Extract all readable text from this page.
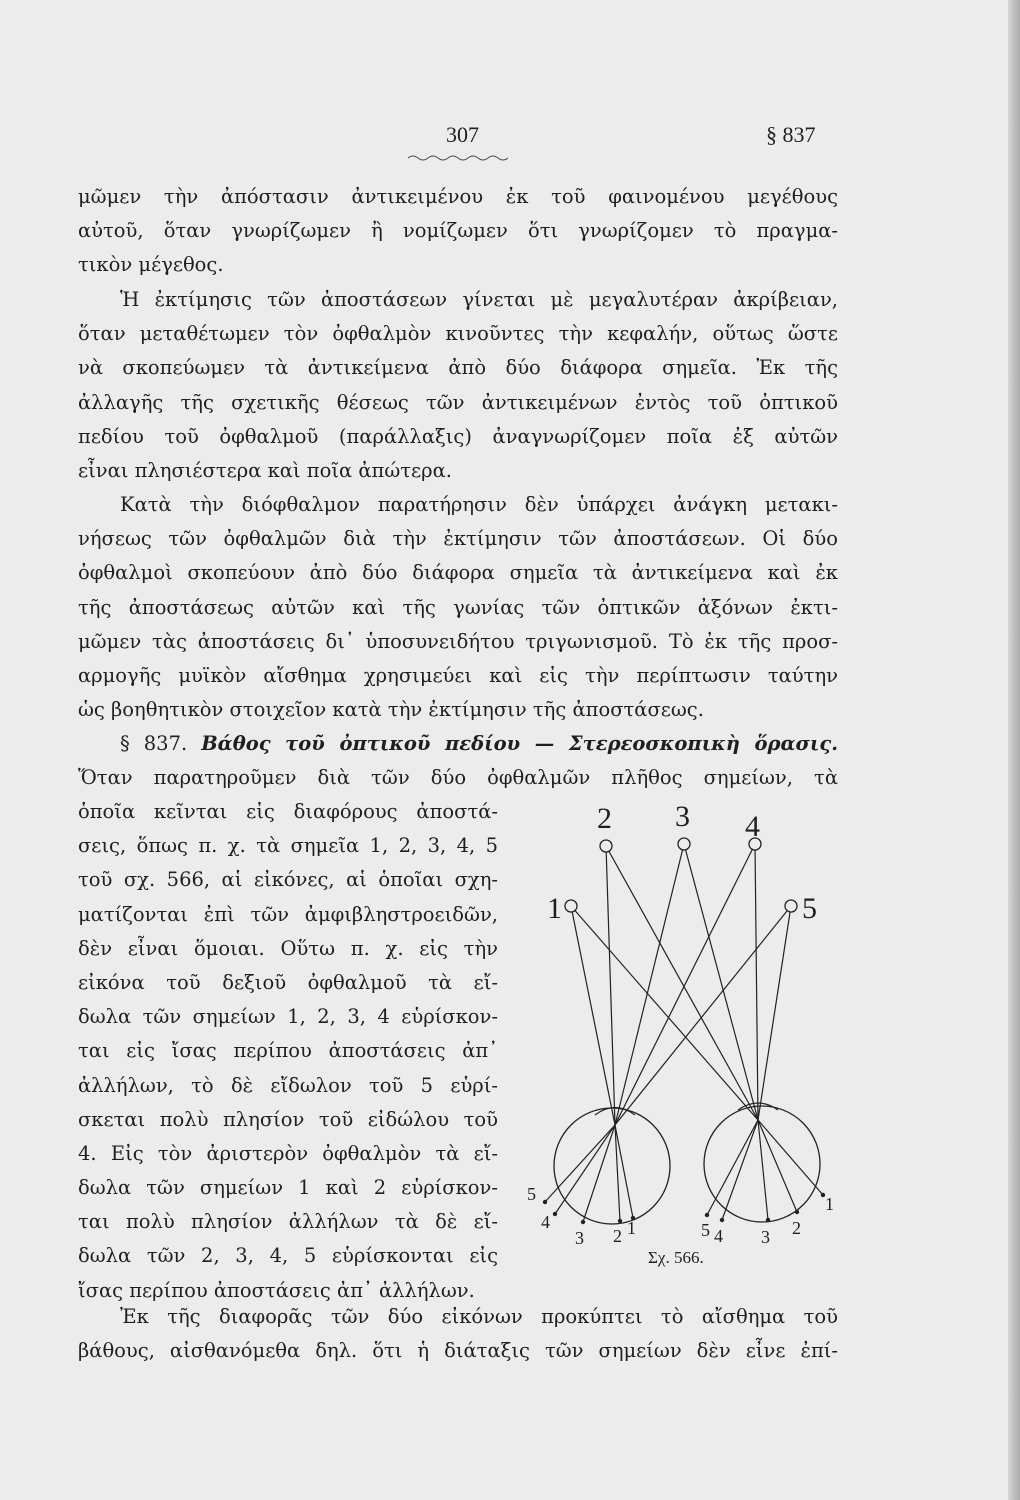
307	§ 837
μῶμεν τὴν ἀπόστασιν ἀντικειμένου ἐκ τοῦ φαινομένου μεγέθους
αὐτοῦ, ὅταν γνωρίζωμεν ἢ νομίζωμεν ὅτι γνωρίζομεν τὸ πραγμα-
τικὸν μέγεθος.
Ἡ ἐκτίμησις τῶν ἀποστάσεων γίνεται μὲ μεγαλυτέραν ἀκρίβειαν,
ὅταν μεταθέτωμεν τὸν ὀφθαλμὸν κινοῦντες τὴν κεφαλήν, οὕτως ὥστε
νὰ σκοπεύωμεν τὰ ἀντικείμενα ἀπὸ δύο διάφορα σημεῖα. Ἐκ τῆς
ἀλλαγῆς τῆς σχετικῆς θέσεως τῶν ἀντικειμένων ἐντὸς τοῦ ὀπτικοῦ
πεδίου τοῦ ὀφθαλμοῦ (παράλλαξις) ἀναγνωρίζομεν ποῖα ἐξ αὐτῶν
εἶναι πλησιέστερα καὶ ποῖα ἀπώτερα.
Κατὰ τὴν διόφθαλμον παρατήρησιν δὲν ὑπάρχει ἀνάγκη μετακι-
νήσεως τῶν ὀφθαλμῶν διὰ τὴν ἐκτίμησιν τῶν ἀποστάσεων. Οἱ δύο
ὀφθαλμοὶ σκοπεύουν ἀπὸ δύο διάφορα σημεῖα τὰ ἀντικείμενα καὶ ἐκ
τῆς ἀποστάσεως αὐτῶν καὶ τῆς γωνίας τῶν ὀπτικῶν ἀξόνων ἐκτι-
μῶμεν τὰς ἀποστάσεις δι᾿ ὑποσυνειδήτου τριγωνισμοῦ. Τὸ ἐκ τῆς προσ-
αρμογῆς μυϊκὸν αἴσθημα χρησιμεύει καὶ εἰς τὴν περίπτωσιν ταύτην
ὡς βοηθητικὸν στοιχεῖον κατὰ τὴν ἐκτίμησιν τῆς ἀποστάσεως.
§ 837. Βάθος τοῦ ὀπτικοῦ πεδίου — Στερεοσκοπικὴ ὅρασις.
Ὅταν παρατηροῦμεν διὰ τῶν δύο ὀφθαλμῶν πλῆθος σημείων, τὰ
ὁποῖα κεῖνται εἰς διαφόρους ἀποστά-
σεις, ὅπως π. χ. τὰ σημεῖα 1, 2, 3, 4, 5
τοῦ σχ. 566, αἱ εἰκόνες, αἱ ὁποῖαι σχη-
ματίζονται ἐπὶ τῶν ἀμφιβληστροειδῶν,
δὲν εἶναι ὅμοιαι. Οὕτω π. χ. εἰς τὴν
εἰκόνα τοῦ δεξιοῦ ὀφθαλμοῦ τὰ εἴ-
δωλα τῶν σημείων 1, 2, 3, 4 εὑρίσκον-
ται εἰς ἴσας περίπου ἀποστάσεις ἀπ᾿
ἀλλήλων, τὸ δὲ εἴδωλον τοῦ 5 εὑρί-
σκεται πολὺ πλησίον τοῦ εἰδώλου τοῦ
4. Εἰς τὸν ἀριστερὸν ὀφθαλμὸν τὰ εἴ-
δωλα τῶν σημείων 1 καὶ 2 εὑρίσκον-
ται πολὺ πλησίον ἀλλήλων τὰ δὲ εἴ-
δωλα τῶν 2, 3, 4, 5 εὑρίσκονται εἰς
ἴσας περίπου ἀποστάσεις ἀπ᾿ ἀλλήλων.
Ἐκ τῆς διαφορᾶς τῶν δύο εἰκόνων προκύπτει τὸ αἴσθημα τοῦ
βάθους, αἰσθανόμεθα δηλ. ὅτι ἡ διάταξις τῶν σημείων δὲν εἶνε ἐπί-
1
2 3 4
5
5
4
3 2 1	5 4 3 2
1
Σχ. 566.
